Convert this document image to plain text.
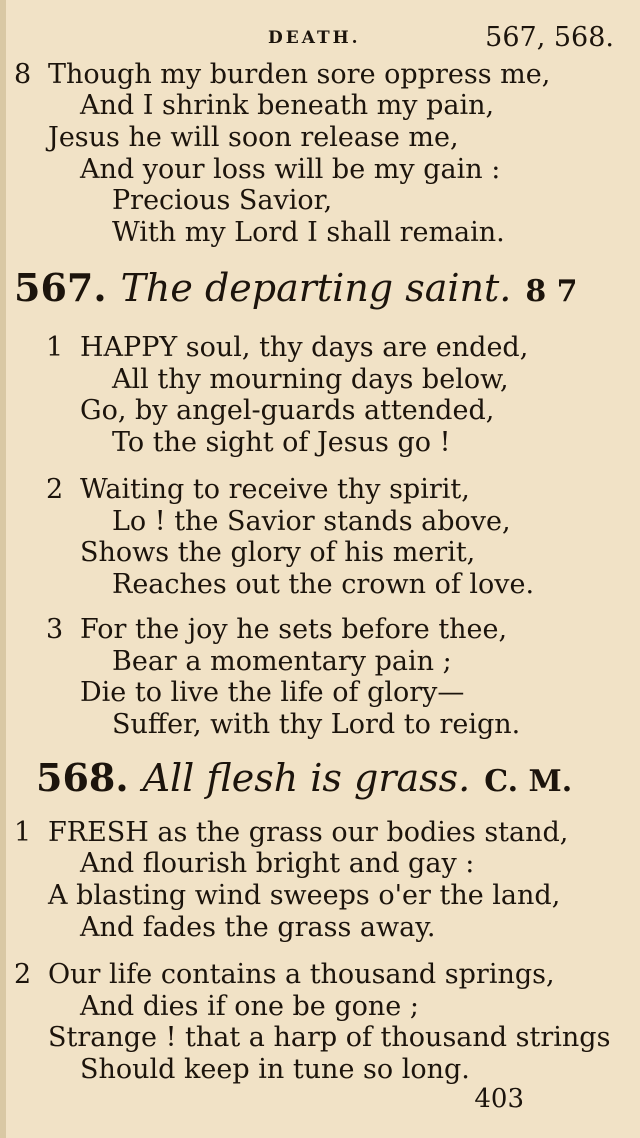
DEATH.	567, 568.
8 Though my burden sore oppress me,
And I shrink beneath my pain,
Jesus he will soon release me,
And your loss will be my gain :
Precious Savior,
With my Lord I shall remain.
567. The departing saint. 8 7
1 HAPPY soul, thy days are ended,
All thy mourning days below,
Go, by angel-guards attended,
To the sight of Jesus go !
2 Waiting to receive thy spirit,
Lo ! the Savior stands above,
Shows the glory of his merit,
Reaches out the crown of love.
3 For the joy he sets before thee,
Bear a momentary pain ;
Die to live the life of glory—
Suffer, with thy Lord to reign.
568. All flesh is grass. C. M.
1 FRESH as the grass our bodies stand,
And flourish bright and gay :
A blasting wind sweeps o'er the land,
And fades the grass away.
2 Our life contains a thousand springs,
And dies if one be gone ;
Strange ! that a harp of thousand strings
Should keep in tune so long.
403
